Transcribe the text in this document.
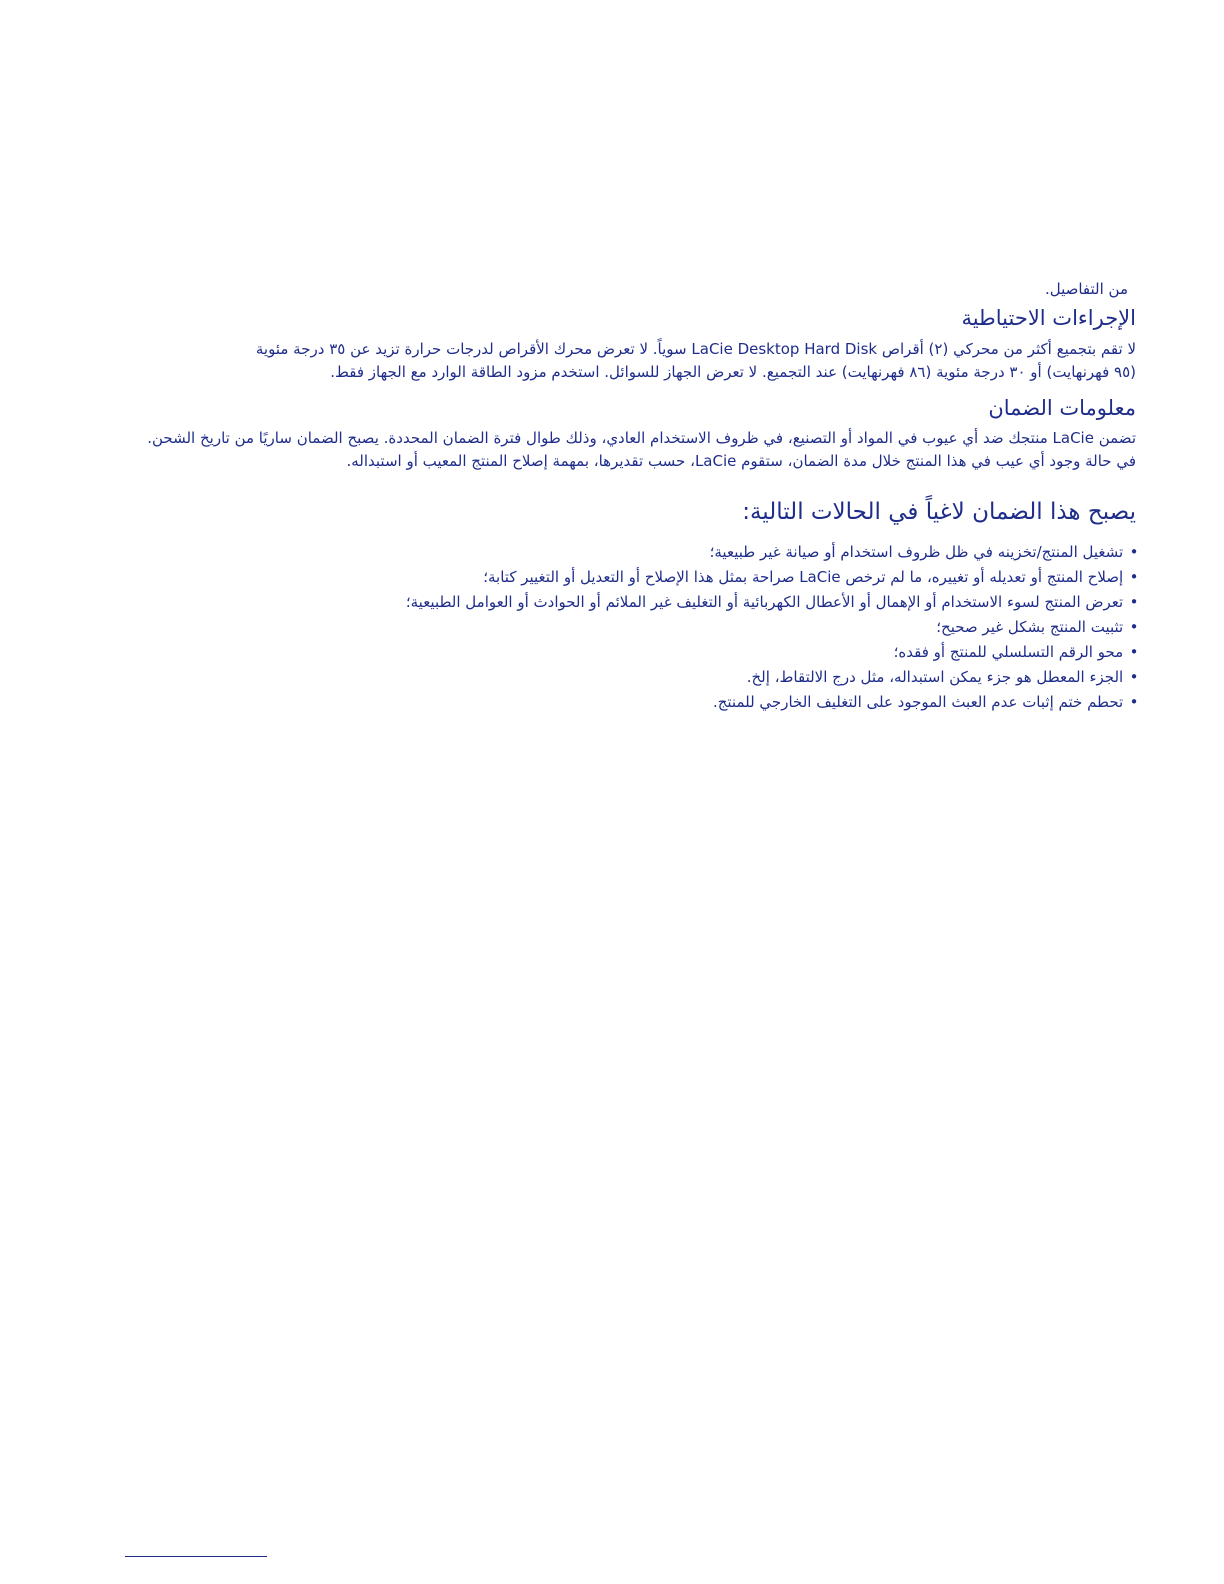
من التفاصيل.
الإجراءات الاحتياطية
لا تقم بتجميع أكثر من محركي (٢) أقراص LaCie Desktop Hard Disk سوياً. لا تعرض محرك الأقراص لدرجات حرارة تزيد عن ٣٥ درجة مئوية
(٩٥ فهرنهايت) أو ٣٠ درجة مئوية (٨٦ فهرنهايت) عند التجميع. لا تعرض الجهاز للسوائل. استخدم مزود الطاقة الوارد مع الجهاز فقط.
معلومات الضمان
تضمن LaCie منتجك ضد أي عيوب في المواد أو التصنيع، في ظروف الاستخدام العادي، وذلك طوال فترة الضمان المحددة. يصبح الضمان ساريًا من تاريخ الشحن.
في حالة وجود أي عيب في هذا المنتج خلال مدة الضمان، ستقوم LaCie، حسب تقديرها، بمهمة إصلاح المنتج المعيب أو استبداله.
يصبح هذا الضمان لاغياً في الحالات التالية:
• تشغيل المنتج/تخزينه في ظل ظروف استخدام أو صيانة غير طبيعية؛
• إصلاح المنتج أو تعديله أو تغييره، ما لم ترخص LaCie صراحة بمثل هذا الإصلاح أو التعديل أو التغيير كتابة؛
• تعرض المنتج لسوء الاستخدام أو الإهمال أو الأعطال الكهربائية أو التغليف غير الملائم أو الحوادث أو العوامل الطبيعية؛
• تثبيت المنتج بشكل غير صحيح؛
• محو الرقم التسلسلي للمنتج أو فقده؛
• الجزء المعطل هو جزء يمكن استبداله، مثل درج الالتقاط، إلخ.
• تحطم ختم إثبات عدم العبث الموجود على التغليف الخارجي للمنتج.
